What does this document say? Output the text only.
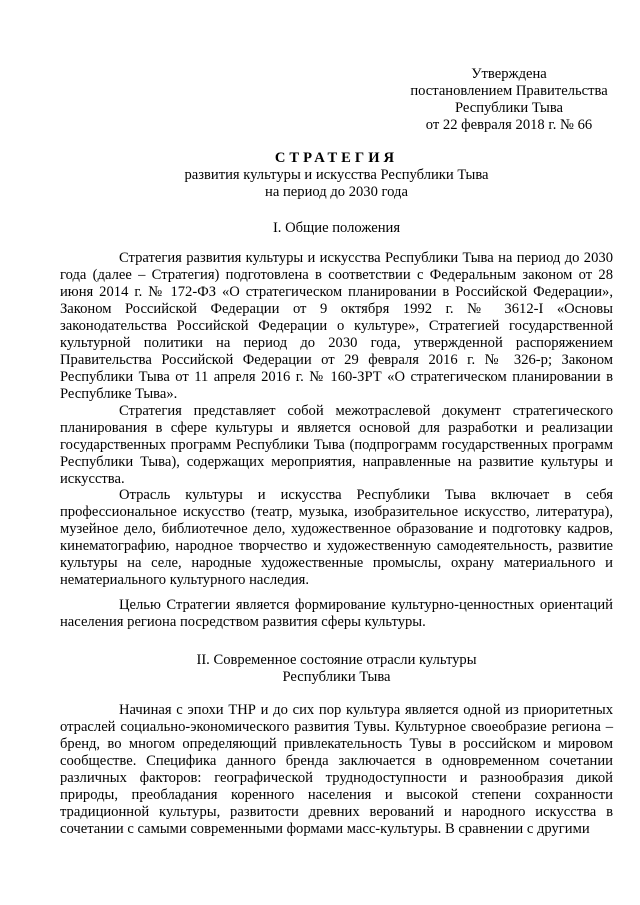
Утверждена
постановлением Правительства
Республики Тыва
от 22 февраля 2018 г. № 66
СТРАТЕГИЯ
развития культуры и искусства Республики Тыва
на период до 2030 года
I. Общие положения

Стратегия развития культуры и искусства Республики Тыва на период до 2030 года (далее – Стратегия) подготовлена в соответствии с Федеральным законом от 28 июня 2014 г. № 172-ФЗ «О стратегическом планировании в Российской Федерации», Законом Российской Федерации от 9 октября 1992 г. № 3612-I «Основы законодательства Российской Федерации о культуре», Стратегией государственной культурной политики на период до 2030 года, утвержденной распоряжением Правительства Российской Федерации от 29 февраля 2016 г. № 326-р; Законом Республики Тыва от 11 апреля 2016 г. № 160-ЗРТ «О стратегическом планировании в Республике Тыва».

Стратегия представляет собой межотраслевой документ стратегического планирования в сфере культуры и является основой для разработки и реализации государственных программ Республики Тыва (подпрограмм государственных программ Республики Тыва), содержащих мероприятия, направленные на развитие культуры и искусства.

Отрасль культуры и искусства Республики Тыва включает в себя профессиональное искусство (театр, музыка, изобразительное искусство, литература), музейное дело, библиотечное дело, художественное образование и подготовку кадров, кинематографию, народное творчество и художественную самодеятельность, развитие культуры на селе, народные художественные промыслы, охрану материального и нематериального культурного наследия.

Целью Стратегии является формирование культурно-ценностных ориентаций населения региона посредством развития сферы культуры.

II. Современное состояние отрасли культуры
Республики Тыва

Начиная с эпохи ТНР и до сих пор культура является одной из приоритетных отраслей социально-экономического развития Тувы. Культурное своеобразие региона – бренд, во многом определяющий привлекательность Тувы в российском и мировом сообществе. Специфика данного бренда заключается в одновременном сочетании различных факторов: географической труднодоступности и разнообразия дикой природы, преобладания коренного населения и высокой степени сохранности традиционной культуры, развитости древних верований и народного искусства в сочетании с самыми современными формами масс-культуры. В сравнении с другими
